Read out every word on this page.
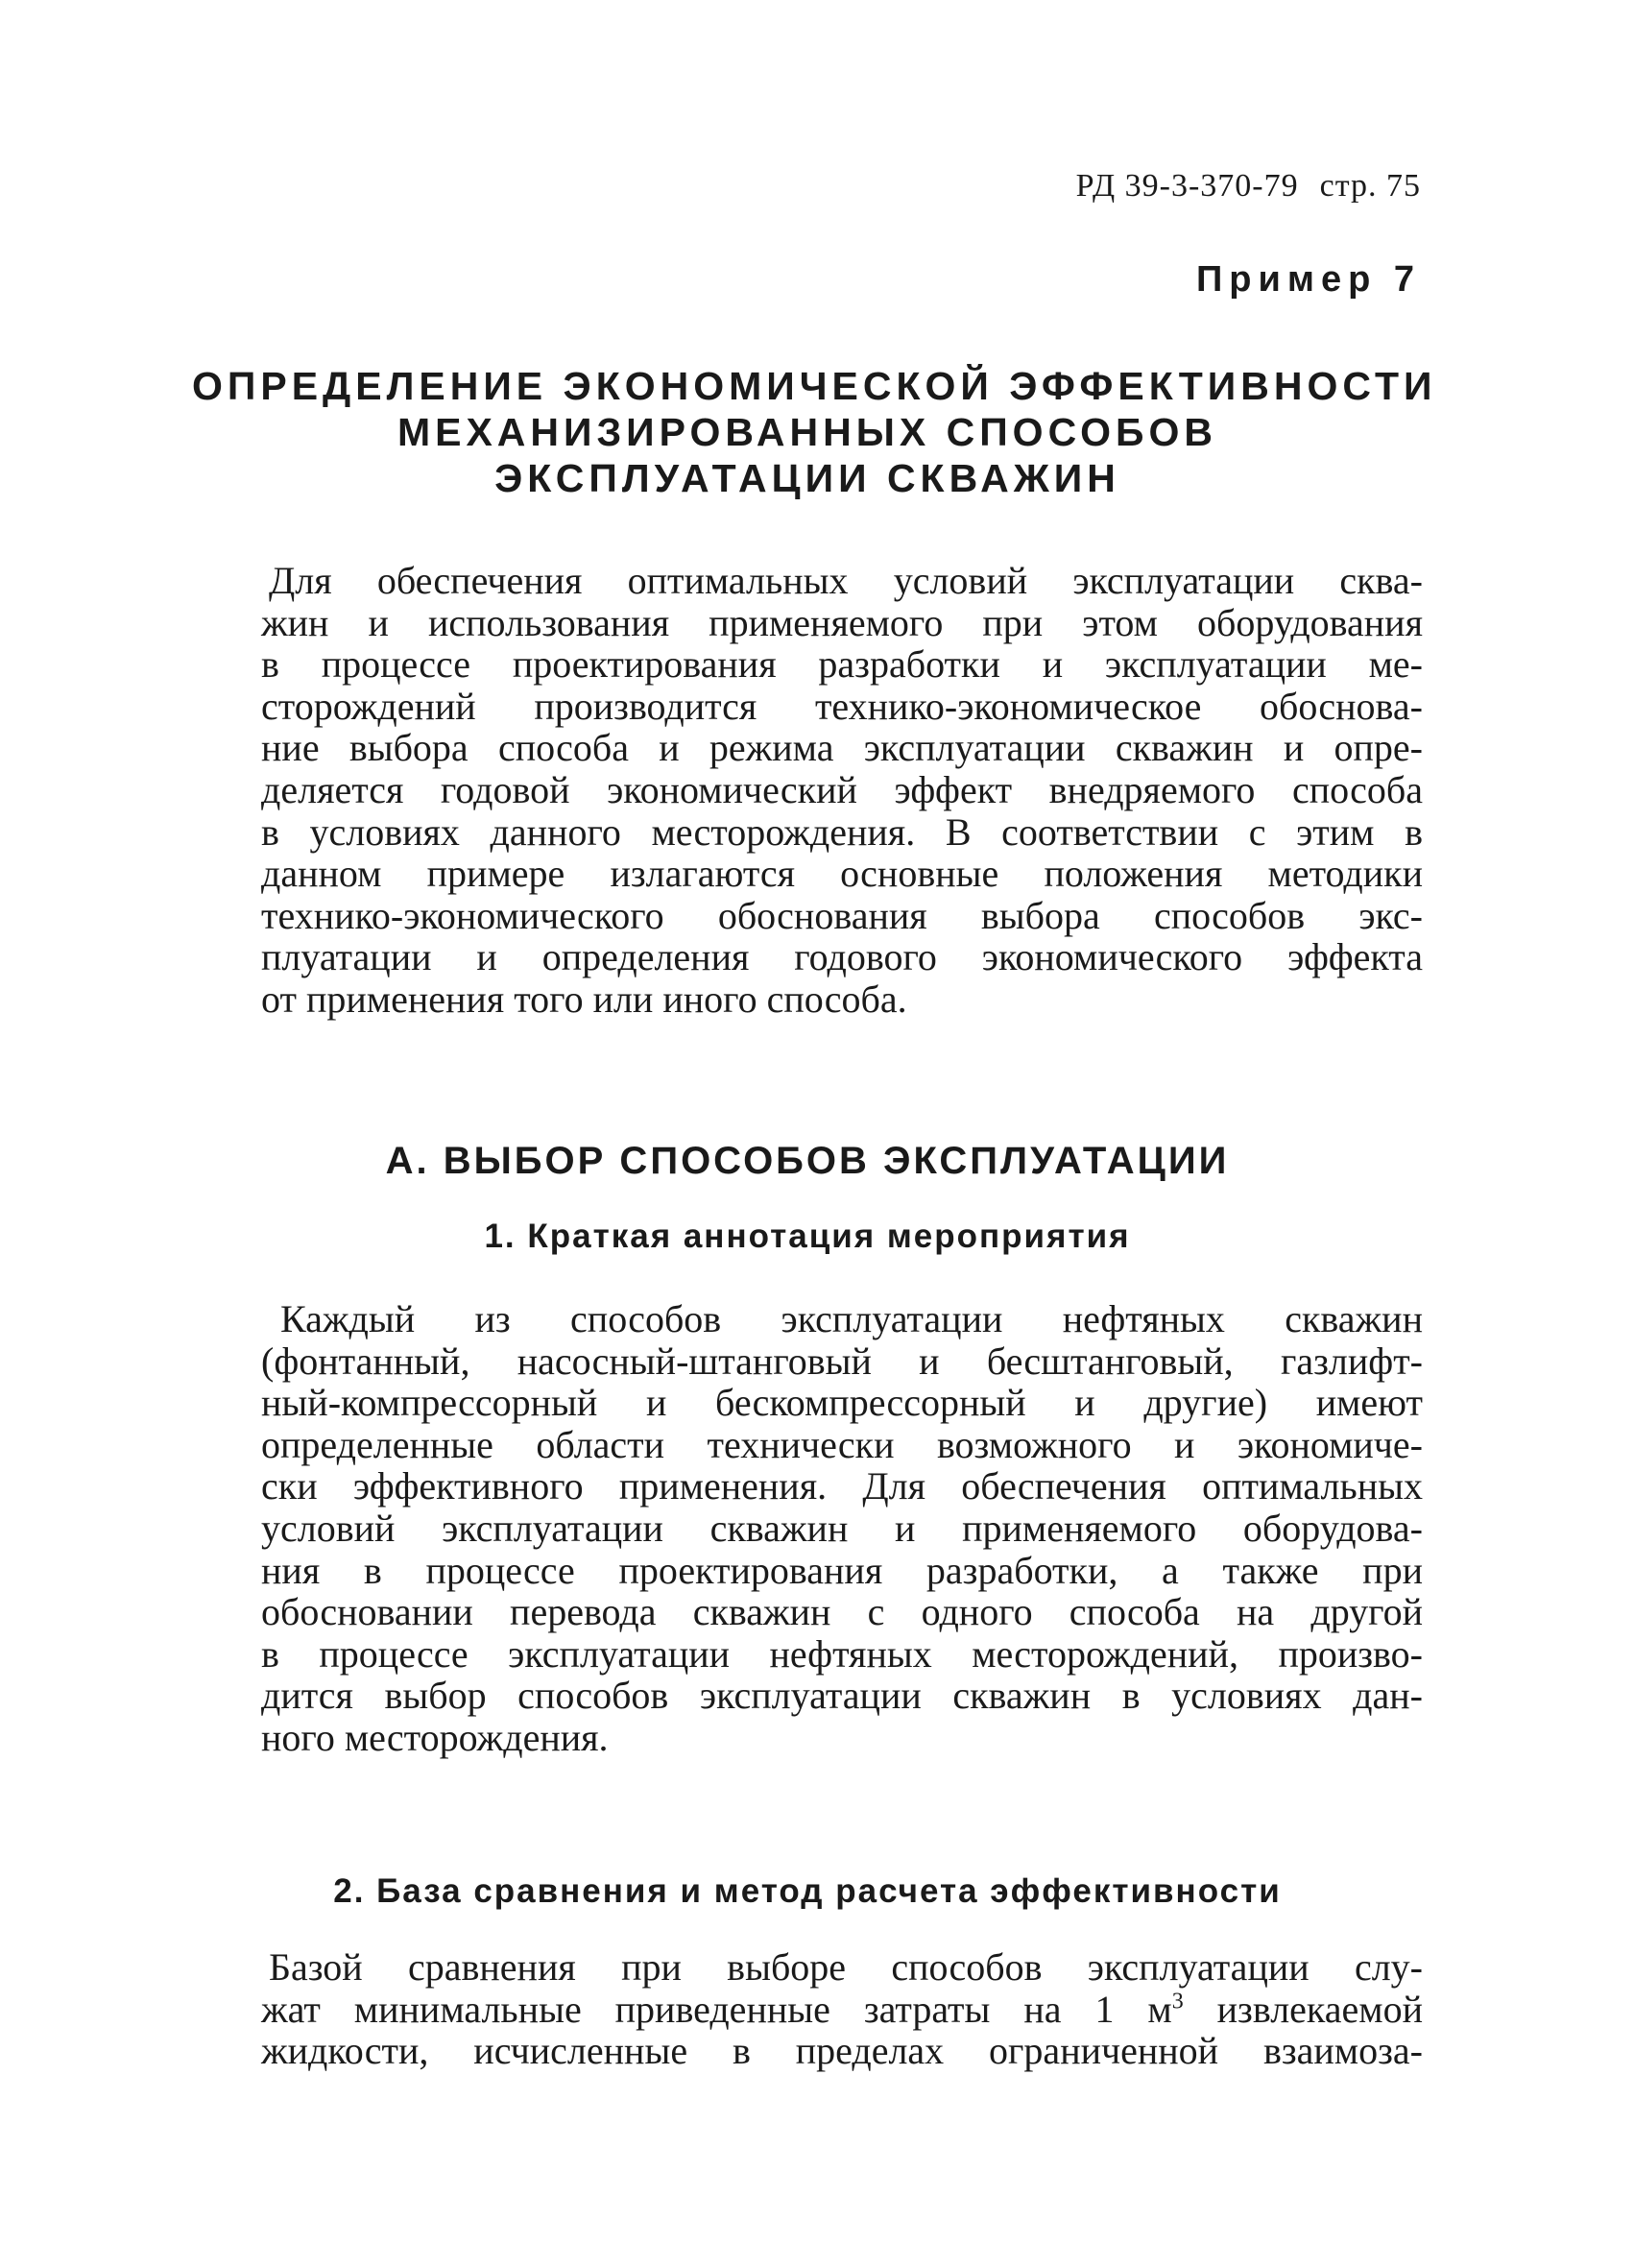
РД 39-3-370-79 стр. 75
Пример 7
ОПРЕДЕЛЕНИЕ ЭКОНОМИЧЕСКОЙ ЭФФЕКТИВНОСТИ
МЕХАНИЗИРОВАННЫХ СПОСОБОВ
ЭКСПЛУАТАЦИИ СКВАЖИН
Для обеспечения оптимальных условий эксплуатации сква-
жин и использования применяемого при этом оборудования
в процессе проектирования разработки и эксплуатации ме-
сторождений производится технико-экономическое обоснова-
ние выбора способа и режима эксплуатации скважин и опре-
деляется годовой экономический эффект внедряемого способа
в условиях данного месторождения. В соответствии с этим в
данном примере излагаются основные положения методики
технико-экономического обоснования выбора способов экс-
плуатации и определения годового экономического эффекта
от применения того или иного способа.
А. ВЫБОР СПОСОБОВ ЭКСПЛУАТАЦИИ
1. Краткая аннотация мероприятия
Каждый из способов эксплуатации нефтяных скважин
(фонтанный, насосный-штанговый и бесштанговый, газлифт-
ный-компрессорный и бескомпрессорный и другие) имеют
определенные области технически возможного и экономиче-
ски эффективного применения. Для обеспечения оптимальных
условий эксплуатации скважин и применяемого оборудова-
ния в процессе проектирования разработки, а также при
обосновании перевода скважин с одного способа на другой
в процессе эксплуатации нефтяных месторождений, произво-
дится выбор способов эксплуатации скважин в условиях дан-
ного месторождения.
2. База сравнения и метод расчета эффективности
Базой сравнения при выборе способов эксплуатации слу-
жат минимальные приведенные затраты на 1 $м^3$ извлекаемой
жидкости, исчисленные в пределах ограниченной взаимоза-
